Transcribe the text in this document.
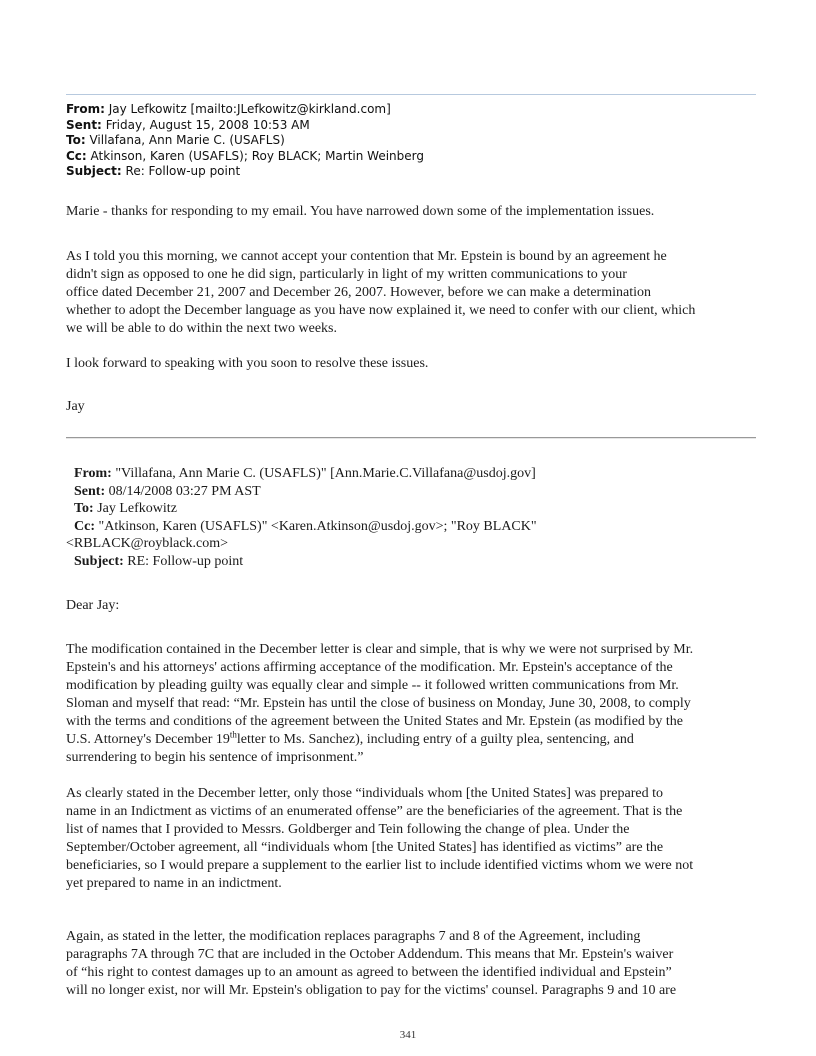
From: Jay Lefkowitz [mailto:JLefkowitz@kirkland.com]
Sent: Friday, August 15, 2008 10:53 AM
To: Villafana, Ann Marie C. (USAFLS)
Cc: Atkinson, Karen (USAFLS); Roy BLACK; Martin Weinberg
Subject: Re: Follow-up point

Marie - thanks for responding to my email. You have narrowed down some of the implementation issues.

As I told you this morning, we cannot accept your contention that Mr. Epstein is bound by an agreement he
didn't sign as opposed to one he did sign, particularly in light of my written communications to your
office dated December 21, 2007 and December 26, 2007. However, before we can make a determination
whether to adopt the December language as you have now explained it, we need to confer with our client, which
we will be able to do within the next two weeks.

I look forward to speaking with you soon to resolve these issues.

Jay

From: "Villafana, Ann Marie C. (USAFLS)" [Ann.Marie.C.Villafana@usdoj.gov]
Sent: 08/14/2008 03:27 PM AST
To: Jay Lefkowitz
Cc: "Atkinson, Karen (USAFLS)" <Karen.Atkinson@usdoj.gov>; "Roy BLACK"
<RBLACK@royblack.com>
Subject: RE: Follow-up point

Dear Jay:

The modification contained in the December letter is clear and simple, that is why we were not surprised by Mr.
Epstein's and his attorneys' actions affirming acceptance of the modification. Mr. Epstein's acceptance of the
modification by pleading guilty was equally clear and simple -- it followed written communications from Mr.
Sloman and myself that read: “Mr. Epstein has until the close of business on Monday, June 30, 2008, to comply
with the terms and conditions of the agreement between the United States and Mr. Epstein (as modified by the
U.S. Attorney's December 19thletter to Ms. Sanchez), including entry of a guilty plea, sentencing, and
surrendering to begin his sentence of imprisonment.”

As clearly stated in the December letter, only those “individuals whom [the United States] was prepared to
name in an Indictment as victims of an enumerated offense” are the beneficiaries of the agreement. That is the
list of names that I provided to Messrs. Goldberger and Tein following the change of plea. Under the
September/October agreement, all “individuals whom [the United States] has identified as victims” are the
beneficiaries, so I would prepare a supplement to the earlier list to include identified victims whom we were not
yet prepared to name in an indictment.

Again, as stated in the letter, the modification replaces paragraphs 7 and 8 of the Agreement, including
paragraphs 7A through 7C that are included in the October Addendum. This means that Mr. Epstein's waiver
of “his right to contest damages up to an amount as agreed to between the identified individual and Epstein”
will no longer exist, nor will Mr. Epstein's obligation to pay for the victims' counsel. Paragraphs 9 and 10 are

341
